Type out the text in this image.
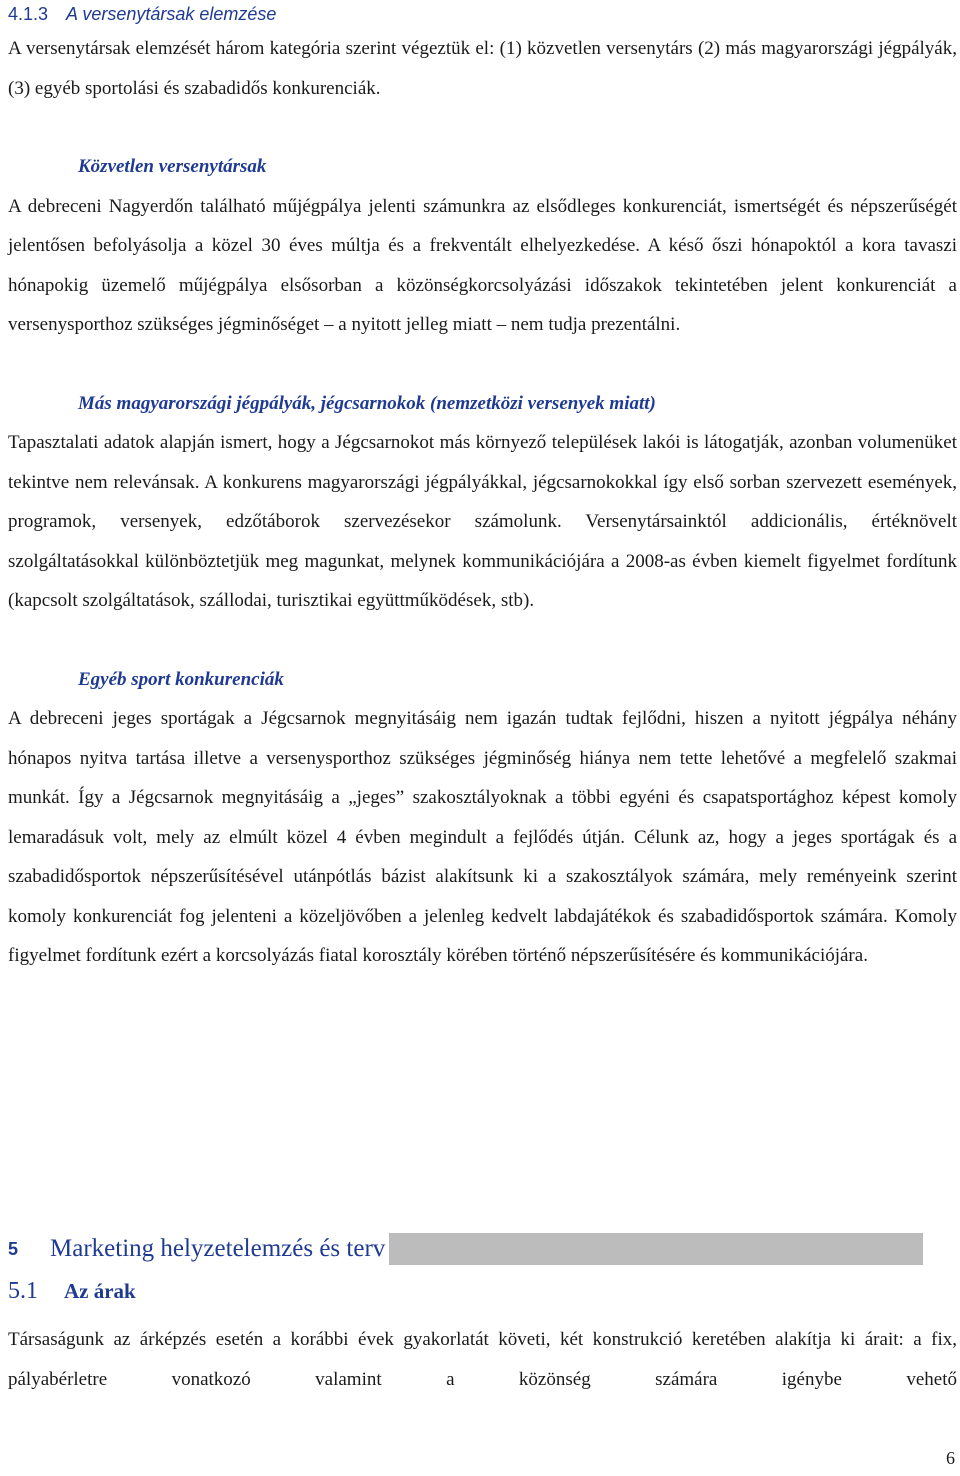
4.1.3 A versenytársak elemzése

A versenytársak elemzését három kategória szerint végeztük el: (1) közvetlen versenytárs (2) más magyarországi jégpályák, (3) egyéb sportolási és szabadidős konkurenciák.

Közvetlen versenytársak

A debreceni Nagyerdőn található műjégpálya jelenti számunkra az elsődleges konkurenciát, ismertségét és népszerűségét jelentősen befolyásolja a közel 30 éves múltja és a frekventált elhelyezkedése. A késő őszi hónapoktól a kora tavaszi hónapokig üzemelő műjégpálya elsősorban a közönségkorcsolyázási időszakok tekintetében jelent konkurenciát a versenysporthoz szükséges jégminőséget – a nyitott jelleg miatt – nem tudja prezentálni.

Más magyarországi jégpályák, jégcsarnokok (nemzetközi versenyek miatt)

Tapasztalati adatok alapján ismert, hogy a Jégcsarnokot más környező települések lakói is látogatják, azonban volumenüket tekintve nem relevánsak. A konkurens magyarországi jégpályákkal, jégcsarnokokkal így első sorban szervezett események, programok, versenyek, edzőtáborok szervezésekor számolunk. Versenytársainktól addicionális, értéknövelt szolgáltatásokkal különböztetjük meg magunkat, melynek kommunikációjára a 2008-as évben kiemelt figyelmet fordítunk (kapcsolt szolgáltatások, szállodai, turisztikai együttműködések, stb).

Egyéb sport konkurenciák

A debreceni jeges sportágak a Jégcsarnok megnyitásáig nem igazán tudtak fejlődni, hiszen a nyitott jégpálya néhány hónapos nyitva tartása illetve a versenysporthoz szükséges jégminőség hiánya nem tette lehetővé a megfelelő szakmai munkát. Így a Jégcsarnok megnyitásáig a „jeges” szakosztályoknak a többi egyéni és csapatsportághoz képest komoly lemaradásuk volt, mely az elmúlt közel 4 évben megindult a fejlődés útján. Célunk az, hogy a jeges sportágak és a szabadidősportok népszerűsítésével utánpótlás bázist alakítsunk ki a szakosztályok számára, mely reményeink szerint komoly konkurenciát fog jelenteni a közeljövőben a jelenleg kedvelt labdajátékok és szabadidősportok számára. Komoly figyelmet fordítunk ezért a korcsolyázás fiatal korosztály körében történő népszerűsítésére és kommunikációjára.

5	Marketing helyzetelemzés és terv
5.1	Az árak

Társaságunk az árképzés esetén a korábbi évek gyakorlatát követi, két konstrukció keretében alakítja ki árait: a fix, pályabérletre vonatkozó valamint a közönség számára igénybe vehető

6
